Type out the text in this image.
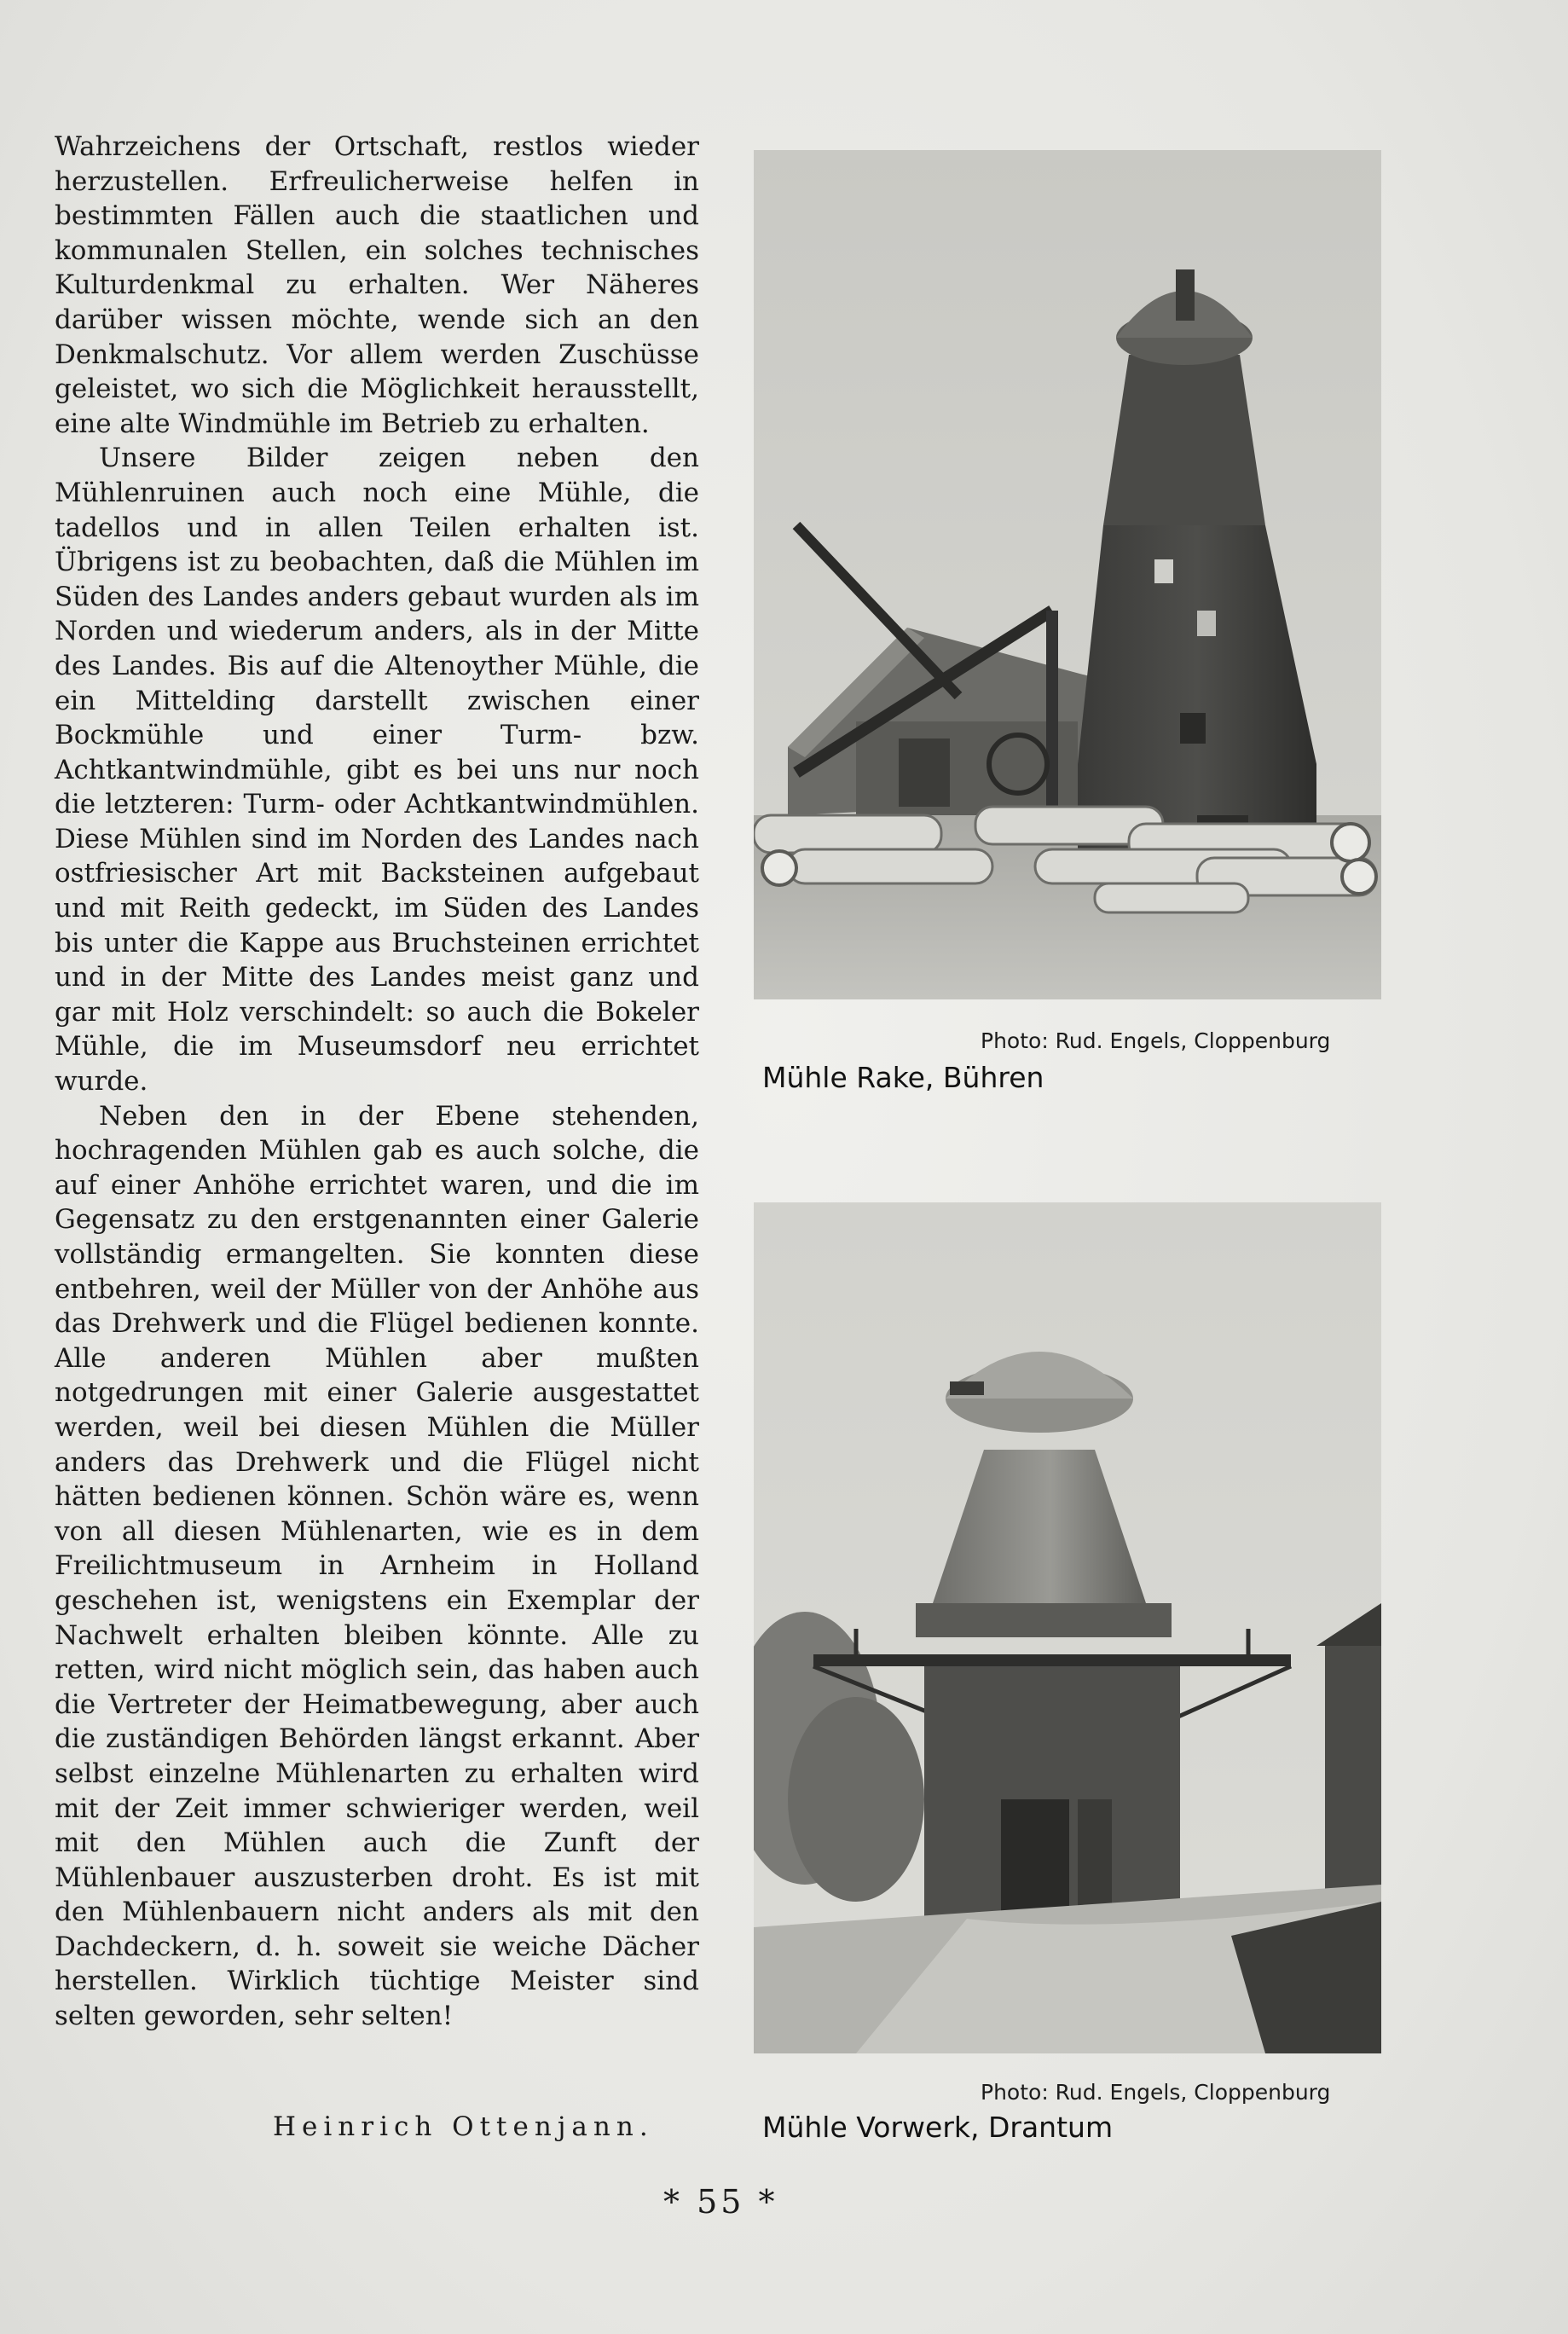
Wahrzeichens der Ortschaft, restlos wieder herzustellen. Erfreulicherweise helfen in bestimmten Fällen auch die staatlichen und kommunalen Stellen, ein solches technisches Kulturdenkmal zu erhalten. Wer Näheres darüber wissen möchte, wende sich an den Denkmalschutz. Vor allem werden Zuschüsse geleistet, wo sich die Möglichkeit herausstellt, eine alte Windmühle im Betrieb zu erhalten.

Unsere Bilder zeigen neben den Mühlenruinen auch noch eine Mühle, die tadellos und in allen Teilen erhalten ist. Übrigens ist zu beobachten, daß die Mühlen im Süden des Landes anders gebaut wurden als im Norden und wiederum anders, als in der Mitte des Landes. Bis auf die Altenoyther Mühle, die ein Mittelding darstellt zwischen einer Bockmühle und einer Turm- bzw. Achtkantwindmühle, gibt es bei uns nur noch die letzteren: Turm- oder Achtkantwindmühlen. Diese Mühlen sind im Norden des Landes nach ostfriesischer Art mit Backsteinen aufgebaut und mit Reith gedeckt, im Süden des Landes bis unter die Kappe aus Bruchsteinen errichtet und in der Mitte des Landes meist ganz und gar mit Holz verschindelt: so auch die Bokeler Mühle, die im Museumsdorf neu errichtet wurde.

Neben den in der Ebene stehenden, hochragenden Mühlen gab es auch solche, die auf einer Anhöhe errichtet waren, und die im Gegensatz zu den erstgenannten einer Galerie vollständig ermangelten. Sie konnten diese entbehren, weil der Müller von der Anhöhe aus das Drehwerk und die Flügel bedienen konnte. Alle anderen Mühlen aber mußten notgedrungen mit einer Galerie ausgestattet werden, weil bei diesen Mühlen die Müller anders das Drehwerk und die Flügel nicht hätten bedienen können. Schön wäre es, wenn von all diesen Mühlenarten, wie es in dem Freilichtmuseum in Arnheim in Holland geschehen ist, wenigstens ein Exemplar der Nachwelt erhalten bleiben könnte. Alle zu retten, wird nicht möglich sein, das haben auch die Vertreter der Heimatbewegung, aber auch die zuständigen Behörden längst erkannt. Aber selbst einzelne Mühlenarten zu erhalten wird mit der Zeit immer schwieriger werden, weil mit den Mühlen auch die Zunft der Mühlenbauer auszusterben droht. Es ist mit den Mühlenbauern nicht anders als mit den Dachdeckern, d. h. soweit sie weiche Dächer herstellen. Wirklich tüchtige Meister sind selten geworden, sehr selten!

Heinrich Ottenjann.
Photo: Rud. Engels, Cloppenburg
Mühle Rake, Bühren
Photo: Rud. Engels, Cloppenburg
Mühle Vorwerk, Drantum
* 55 *
